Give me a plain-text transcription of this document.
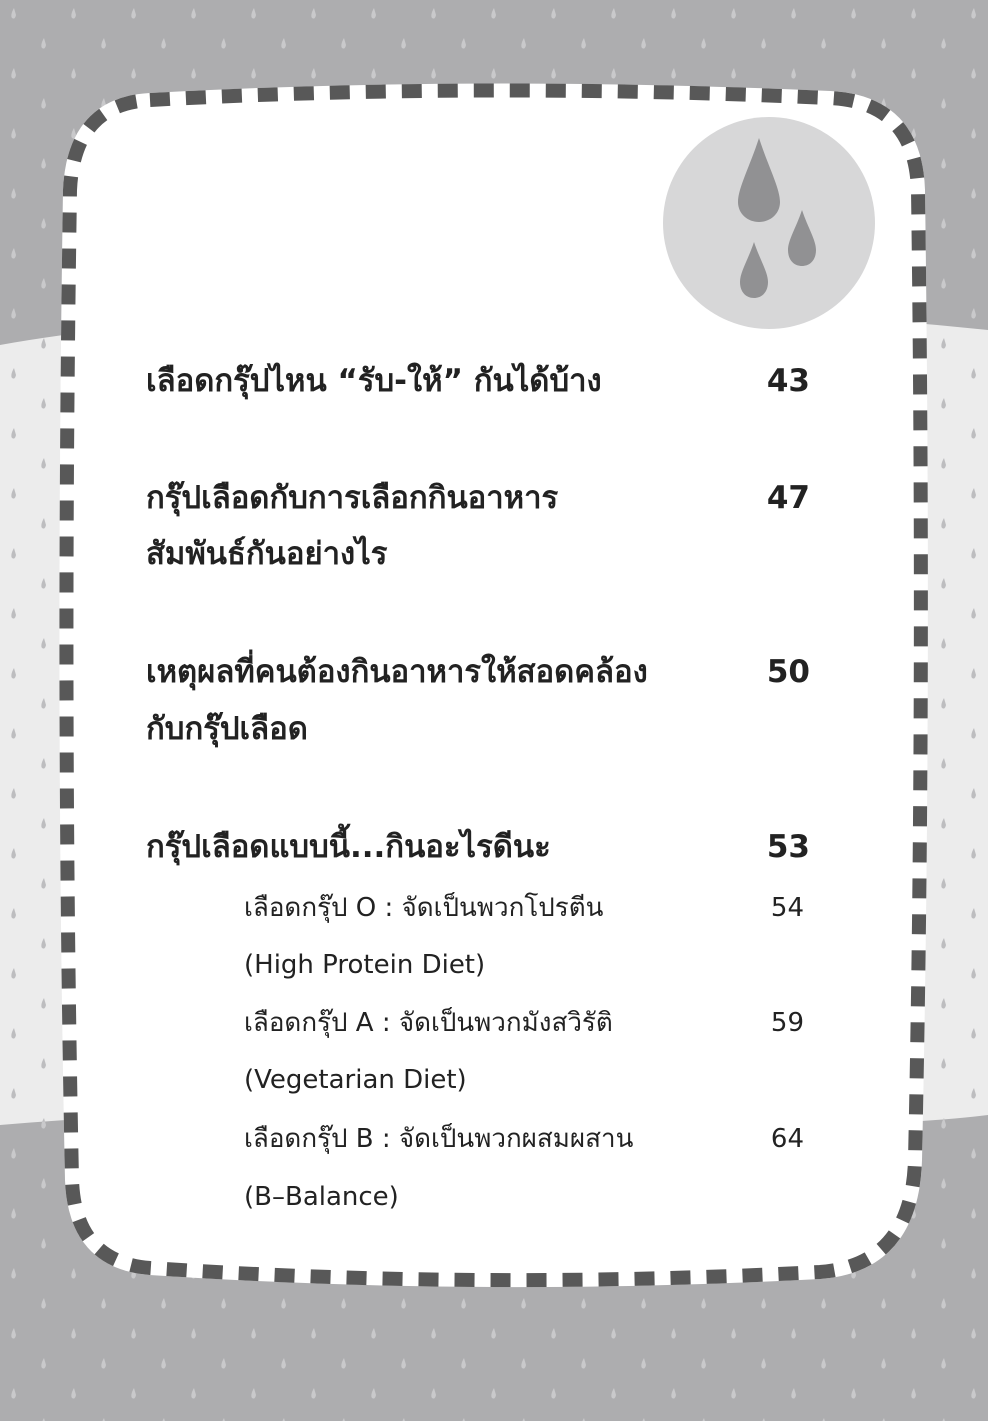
เลือดกรุ๊ปไหน “รับ-ให้” กันได้บ้าง	43
กรุ๊ปเลือดกับการเลือกกินอาหาร
สัมพันธ์กันอย่างไร
47
เหตุผลที่คนต้องกินอาหารให้สอดคล้อง
กับกรุ๊ปเลือด
50
กรุ๊ปเลือดแบบนี้...กินอะไรดีนะ	53
เลือดกรุ๊ป O : จัดเป็นพวกโปรตีน
(High Protein Diet)
54
เลือดกรุ๊ป A : จัดเป็นพวกมังสวิรัติ
(Vegetarian Diet)
59
เลือดกรุ๊ป B : จัดเป็นพวกผสมผสาน
(B–Balance)
64
